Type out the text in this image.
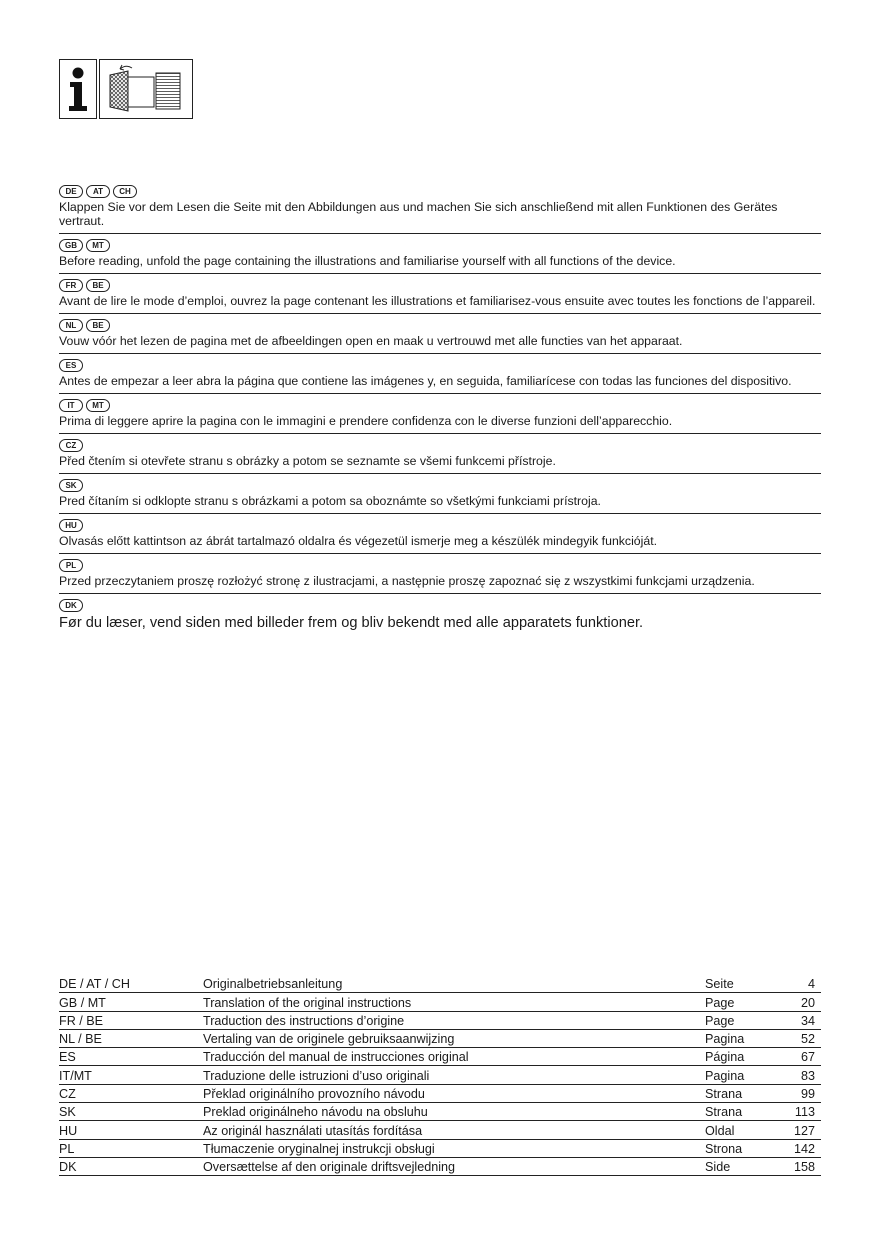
DE	AT	CH
Klappen Sie vor dem Lesen die Seite mit den Abbildungen aus und machen Sie sich anschließend mit allen Funktionen des Gerätes vertraut.
GB	MT
Before reading, unfold the page containing the illustrations and familiarise yourself with all functions of the device.
FR	BE
Avant de lire le mode d’emploi, ouvrez la page contenant les illustrations et familiarisez-vous ensuite avec toutes les fonctions de l’appareil.
NL	BE
Vouw vóór het lezen de pagina met de afbeeldingen open en maak u vertrouwd met alle functies van het apparaat.
ES
Antes de empezar a leer abra la página que contiene las imágenes y, en seguida, familiarícese con todas las funciones del dispositivo.
IT	MT
Prima di leggere aprire la pagina con le immagini e prendere confidenza con le diverse funzioni dell’apparecchio.
CZ
Před čtením si otevřete stranu s obrázky a potom se seznamte se všemi funkcemi přístroje.
SK
Pred čítaním si odklopte stranu s obrázkami a potom sa oboznámte so všetkými funkciami prístroja.
HU
Olvasás előtt kattintson az ábrát tartalmazó oldalra és végezetül ismerje meg a készülék mindegyik funkcióját.
PL
Przed przeczytaniem proszę rozłożyć stronę z ilustracjami, a następnie proszę zapoznać się z wszystkimi funkcjami urządzenia.
DK
Før du læser, vend siden med billeder frem og bliv bekendt med alle apparatets funktioner.
DE / AT / CH	Originalbetriebsanleitung	Seite	4
GB / MT	Translation of the original instructions	Page	20
FR / BE	Traduction des instructions d’origine	Page	34
NL / BE	Vertaling van de originele gebruiksaanwijzing	Pagina	52
ES	Traducción del manual de instrucciones original	Página	67
IT/MT	Traduzione delle istruzioni d’uso originali	Pagina	83
CZ	Překlad originálního provozního návodu	Strana	99
SK	Preklad originálneho návodu na obsluhu	Strana	113
HU	Az originál használati utasítás fordítása	Oldal	127
PL	Tłumaczenie oryginalnej instrukcji obsługi	Strona	142
DK	Oversættelse af den originale driftsvejledning	Side	158
